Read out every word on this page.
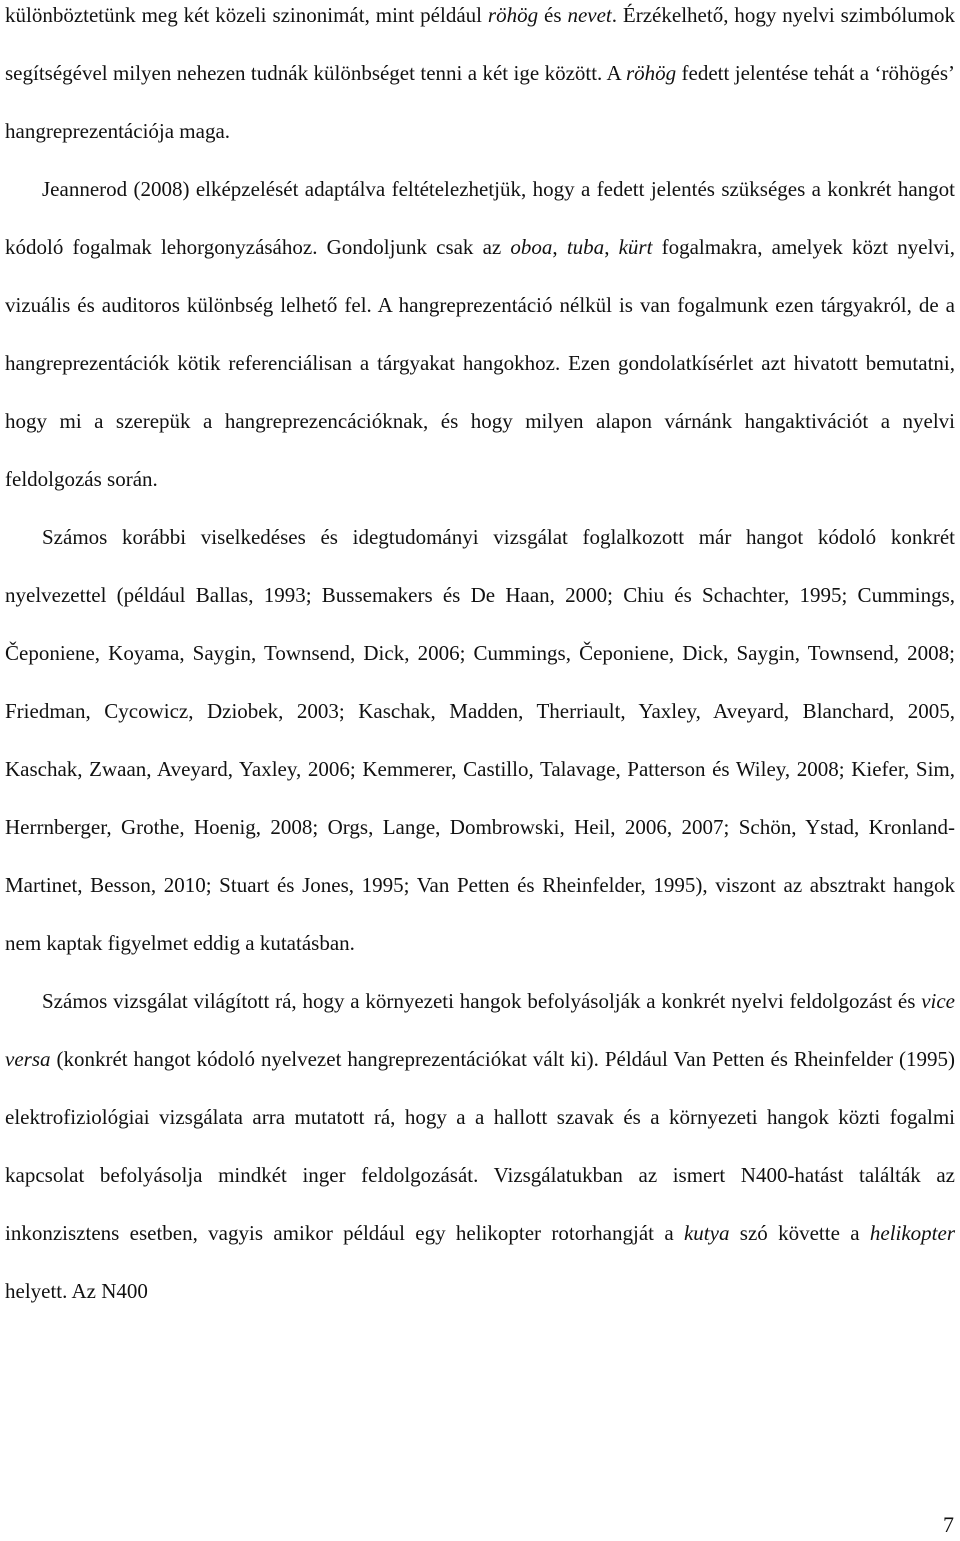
különböztetünk meg két közeli szinonimát, mint például röhög és nevet. Érzékelhető, hogy nyelvi szimbólumok segítségével milyen nehezen tudnák különbséget tenni a két ige között. A röhög fedett jelentése tehát a ‘röhögés’ hangreprezentációja maga.

Jeannerod (2008) elképzelését adaptálva feltételezhetjük, hogy a fedett jelentés szükséges a konkrét hangot kódoló fogalmak lehorgonyzásához. Gondoljunk csak az oboa, tuba, kürt fogalmakra, amelyek közt nyelvi, vizuális és auditoros különbség lelhető fel. A hangreprezentáció nélkül is van fogalmunk ezen tárgyakról, de a hangreprezentációk kötik referenciálisan a tárgyakat hangokhoz. Ezen gondolatkísérlet azt hivatott bemutatni, hogy mi a szerepük a hangreprezencációknak, és hogy milyen alapon várnánk hangaktivációt a nyelvi feldolgozás során.

Számos korábbi viselkedéses és idegtudományi vizsgálat foglalkozott már hangot kódoló konkrét nyelvezettel (például Ballas, 1993; Bussemakers és De Haan, 2000; Chiu és Schachter, 1995; Cummings, Čeponiene, Koyama, Saygin, Townsend, Dick, 2006; Cummings, Čeponiene, Dick, Saygin, Townsend, 2008; Friedman, Cycowicz, Dziobek, 2003; Kaschak, Madden, Therriault, Yaxley, Aveyard, Blanchard, 2005, Kaschak, Zwaan, Aveyard, Yaxley, 2006; Kemmerer, Castillo, Talavage, Patterson és Wiley, 2008; Kiefer, Sim, Herrnberger, Grothe, Hoenig, 2008; Orgs, Lange, Dombrowski, Heil, 2006, 2007; Schön, Ystad, Kronland-Martinet, Besson, 2010; Stuart és Jones, 1995; Van Petten és Rheinfelder, 1995), viszont az absztrakt hangok nem kaptak figyelmet eddig a kutatásban.

Számos vizsgálat világított rá, hogy a környezeti hangok befolyásolják a konkrét nyelvi feldolgozást és vice versa (konkrét hangot kódoló nyelvezet hangreprezentációkat vált ki). Például Van Petten és Rheinfelder (1995) elektrofiziológiai vizsgálata arra mutatott rá, hogy a a hallott szavak és a környezeti hangok közti fogalmi kapcsolat befolyásolja mindkét inger feldolgozását. Vizsgálatukban az ismert N400-hatást találták az inkonzisztens esetben, vagyis amikor például egy helikopter rotorhangját a kutya szó követte a helikopter helyett. Az N400

7
